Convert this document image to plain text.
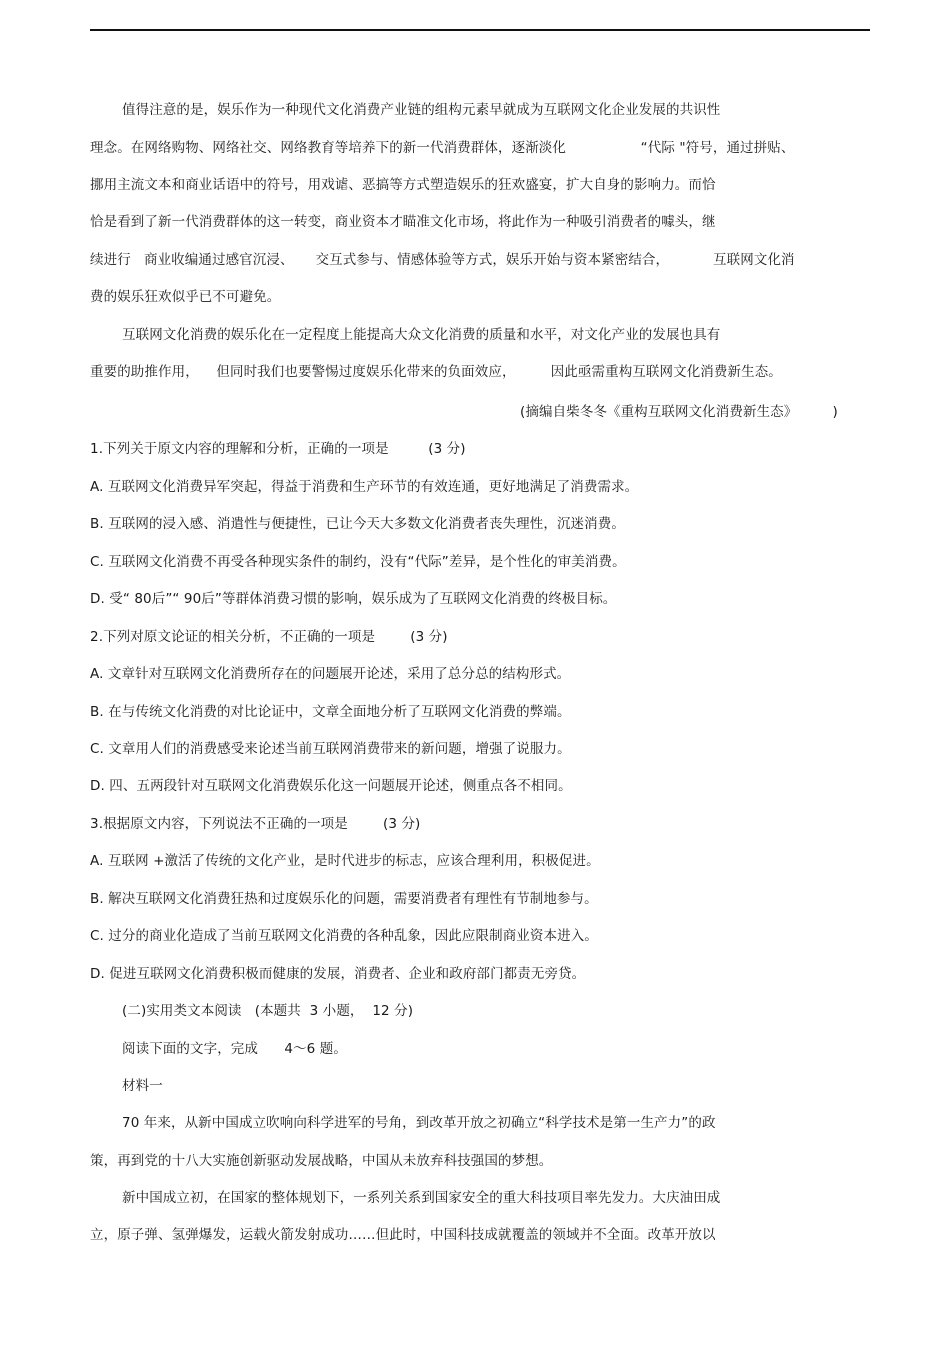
值得注意的是，娱乐作为一种现代文化消费产业链的组构元素早就成为互联网文化企业发展的共识性
理念。在网络购物、网络社交、网络教育等培养下的新一代消费群体，逐渐淡化                 “代际 "符号，通过拼贴、
挪用主流文本和商业话语中的符号，用戏谑、恶搞等方式塑造娱乐的狂欢盛宴，扩大自身的影响力。而恰
恰是看到了新一代消费群体的这一转变，商业资本才瞄准文化市场，将此作为一种吸引消费者的噱头，继
续进行   商业收编通过感官沉浸、     交互式参与、情感体验等方式，娱乐开始与资本紧密结合，          互联网文化消
费的娱乐狂欢似乎已不可避免。
互联网文化消费的娱乐化在一定程度上能提高大众文化消费的质量和水平，对文化产业的发展也具有
重要的助推作用，    但同时我们也要警惕过度娱乐化带来的负面效应，        因此亟需重构互联网文化消费新生态。
(摘编自柴冬冬《重构互联网文化消费新生态》        )
1.下列关于原文内容的理解和分析，正确的一项是         (3 分)
A. 互联网文化消费异军突起，得益于消费和生产环节的有效连通，更好地满足了消费需求。
B. 互联网的浸入感、消遣性与便捷性，已让今天大多数文化消费者丧失理性，沉迷消费。
C. 互联网文化消费不再受各种现实条件的制约，没有“代际”差异，是个性化的审美消费。
D. 受“ 80后”“ 90后”等群体消费习惯的影响，娱乐成为了互联网文化消费的终极目标。
2.下列对原文论证的相关分析，不正确的一项是        (3 分)
A. 文章针对互联网文化消费所存在的问题展开论述，采用了总分总的结构形式。
B. 在与传统文化消费的对比论证中，文章全面地分析了互联网文化消费的弊端。
C. 文章用人们的消费感受来论述当前互联网消费带来的新问题，增强了说服力。
D. 四、五两段针对互联网文化消费娱乐化这一问题展开论述，侧重点各不相同。
3.根据原文内容，下列说法不正确的一项是        (3 分)
A. 互联网 +激活了传统的文化产业，是时代进步的标志，应该合理利用，积极促进。
B. 解决互联网文化消费狂热和过度娱乐化的问题，需要消费者有理性有节制地参与。
C. 过分的商业化造成了当前互联网文化消费的各种乱象，因此应限制商业资本进入。
D. 促进互联网文化消费积极而健康的发展，消费者、企业和政府部门都责无旁贷。
(二)实用类文本阅读   (本题共  3 小题，  12 分)
阅读下面的文字，完成      4～6 题。
材料一
70 年来，从新中国成立吹响向科学进军的号角，到改革开放之初确立“科学技术是第一生产力”的政
策，再到党的十八大实施创新驱动发展战略，中国从未放弃科技强国的梦想。
新中国成立初，在国家的整体规划下，一系列关系到国家安全的重大科技项目率先发力。大庆油田成
立，原子弹、氢弹爆发，运载火箭发射成功……但此时，中国科技成就覆盖的领域并不全面。改革开放以
